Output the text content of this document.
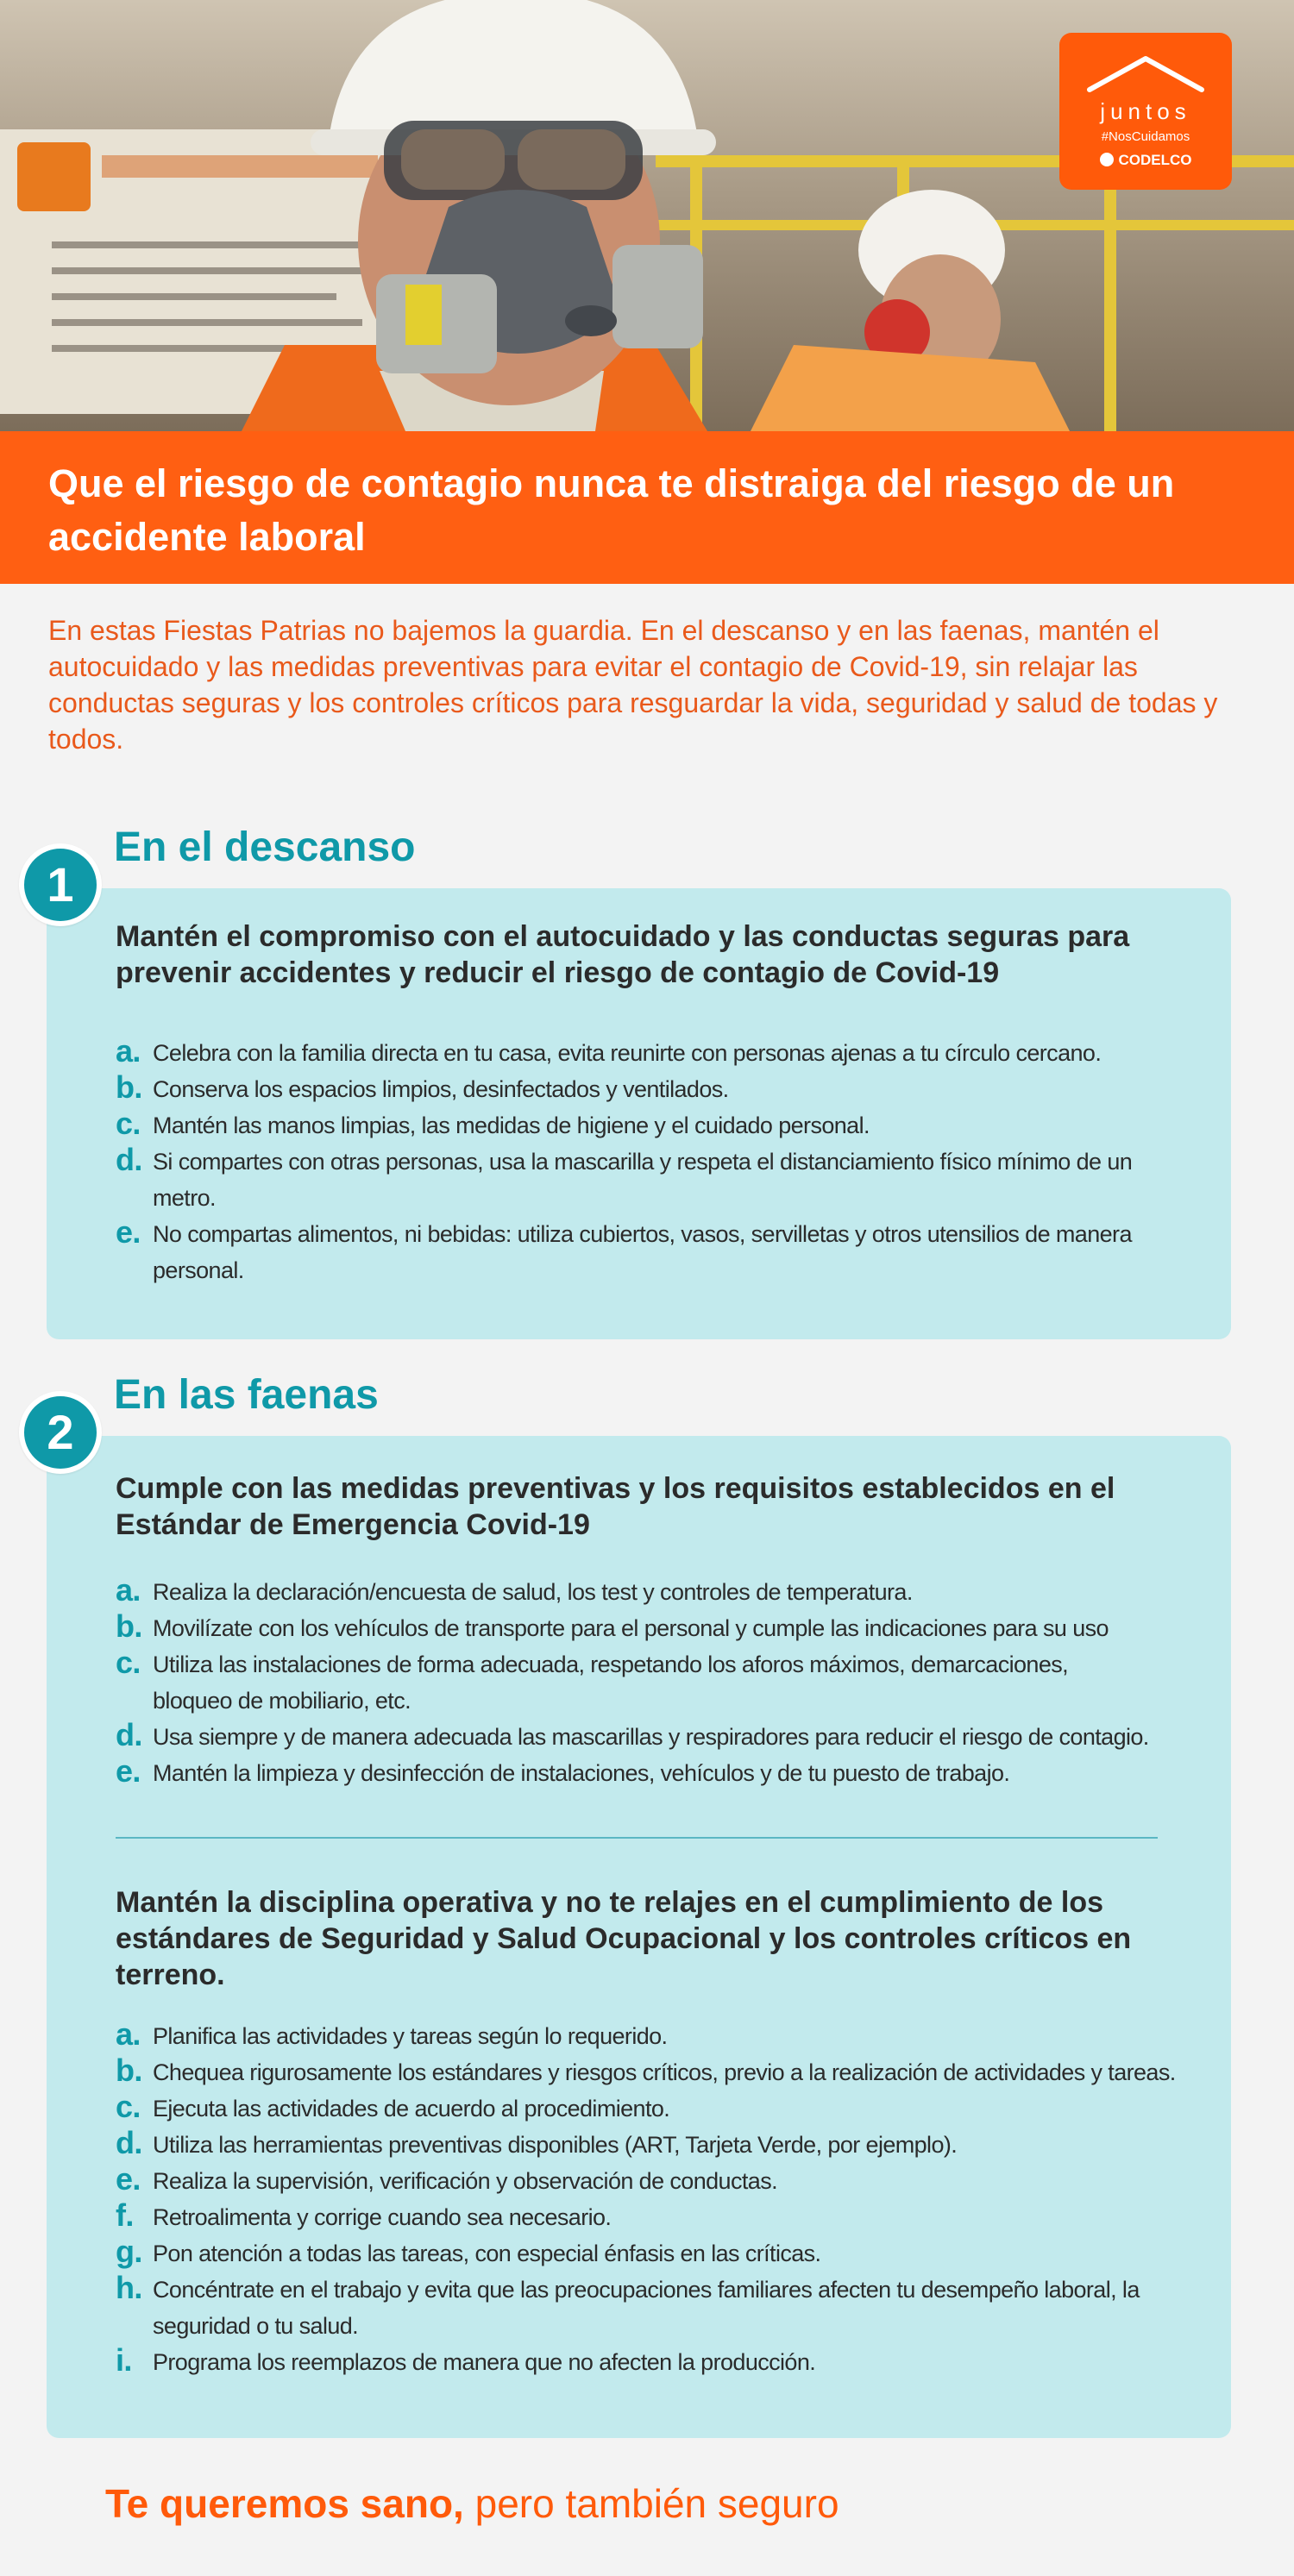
juntos
#NosCuidamos
CODELCO
Que el riesgo de contagio nunca te distraiga del riesgo de un accidente laboral

En estas Fiestas Patrias no bajemos la guardia. En el descanso y en las faenas, mantén el autocuidado y las medidas preventivas para evitar el contagio de Covid-19, sin relajar las conductas seguras y los controles críticos para resguardar la vida, seguridad y salud de todas y todos.

En el descanso
1
Mantén el compromiso con el autocuidado y las conductas seguras para prevenir accidentes y reducir el riesgo de contagio de Covid-19
a. Celebra con la familia directa en tu casa, evita reunirte con personas ajenas a tu círculo cercano.
b. Conserva los espacios limpios, desinfectados y ventilados.
c. Mantén las manos limpias, las medidas de higiene y el cuidado personal.
d. Si compartes con otras personas, usa la mascarilla y respeta el distanciamiento físico mínimo de un metro.
e. No compartas alimentos, ni bebidas: utiliza cubiertos, vasos, servilletas y otros utensilios de manera personal.
En las faenas
2
Cumple con las medidas preventivas y los requisitos establecidos en el Estándar de Emergencia Covid-19
a. Realiza la declaración/encuesta de salud, los test y controles de temperatura.
b. Movilízate con los vehículos de transporte para el personal y cumple las indicaciones para su uso
c. Utiliza las instalaciones de forma adecuada, respetando los aforos máximos, demarcaciones, bloqueo de mobiliario, etc.
d. Usa siempre y de manera adecuada las mascarillas y respiradores para reducir el riesgo de contagio.
e. Mantén la limpieza y desinfección de instalaciones, vehículos y de tu puesto de trabajo.
Mantén la disciplina operativa y no te relajes en el cumplimiento de los estándares de Seguridad y Salud Ocupacional y los controles críticos en terreno.
a. Planifica las actividades y tareas según lo requerido.
b. Chequea rigurosamente los estándares y riesgos críticos, previo a la realización de actividades y tareas.
c. Ejecuta las actividades de acuerdo al procedimiento.
d. Utiliza las herramientas preventivas disponibles (ART, Tarjeta Verde, por ejemplo).
e. Realiza la supervisión, verificación y observación de conductas.
f. Retroalimenta y corrige cuando sea necesario.
g. Pon atención a todas las tareas, con especial énfasis en las críticas.
h. Concéntrate en el trabajo y evita que las preocupaciones familiares afecten tu desempeño laboral, la seguridad o tu salud.
i. Programa los reemplazos de manera que no afecten la producción.
Te queremos sano, pero también seguro
